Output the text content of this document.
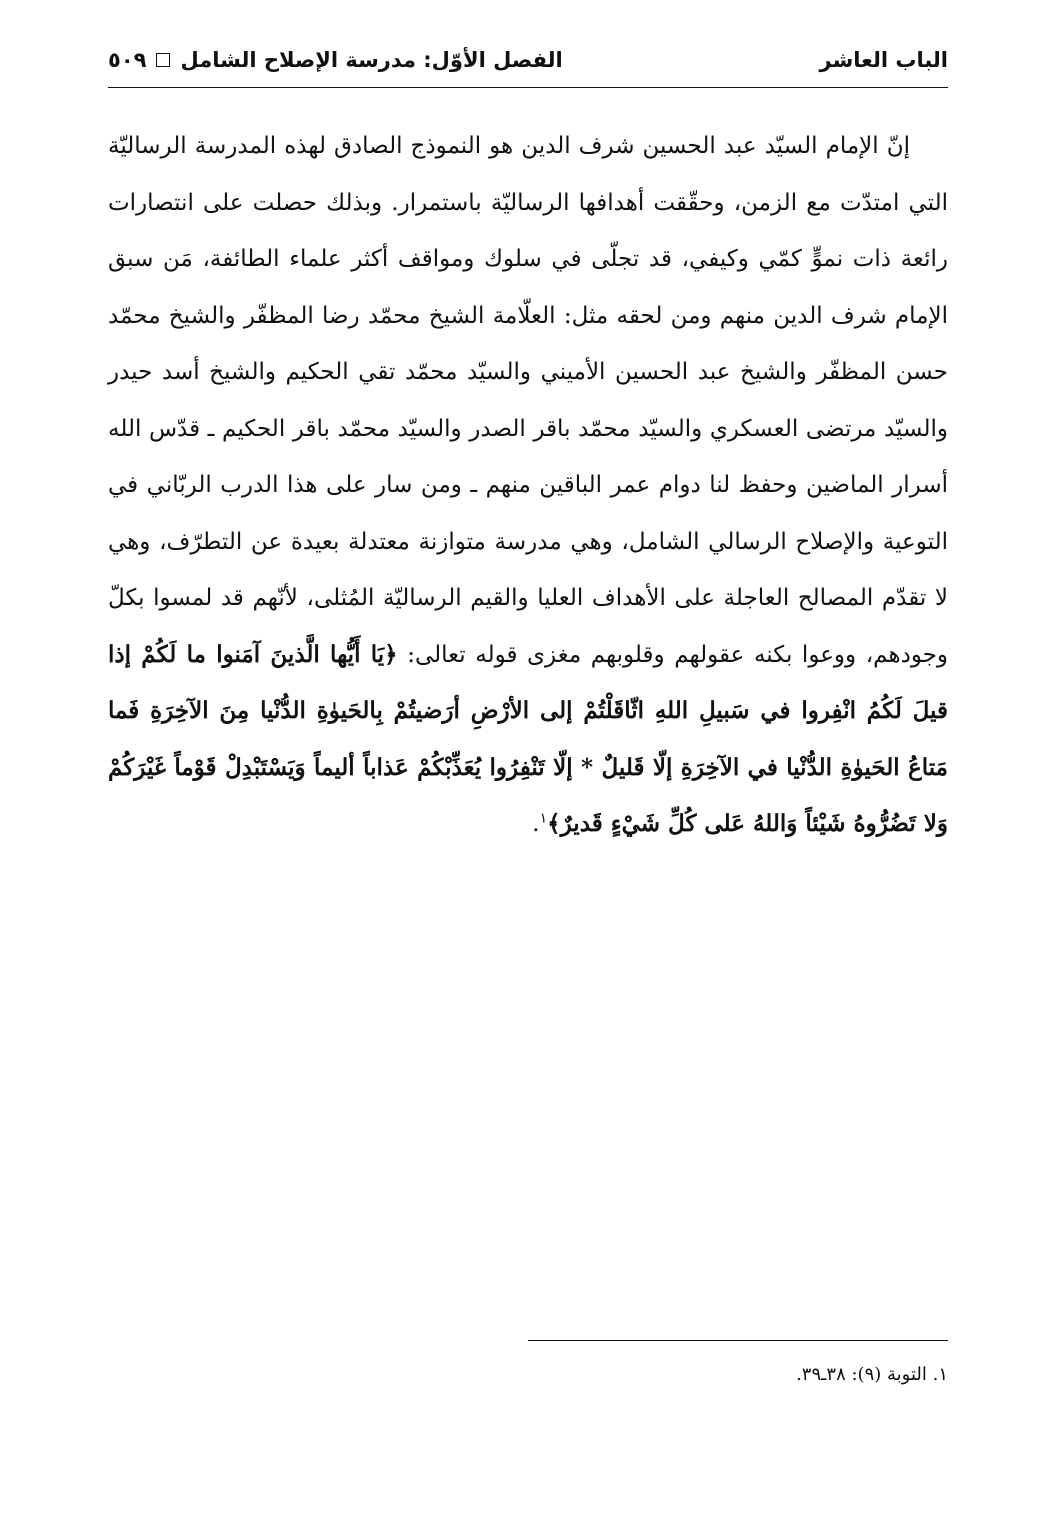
الباب العاشر
الفصل الأوّل: مدرسة الإصلاح الشامل
٥٠٩

إنّ الإمام السيّد عبد الحسين شرف الدين هو النموذج الصادق لهذه المدرسة الرساليّة التي امتدّت مع الزمن، وحقّقت أهدافها الرساليّة باستمرار. وبذلك حصلت على انتصارات رائعة ذات نموٍّ كمّي وكيفي، قد تجلّى في سلوك ومواقف أكثر علماء الطائفة، مَن سبق الإمام شرف الدين منهم ومن لحقه مثل: العلّامة الشيخ محمّد رضا المظفّر والشيخ محمّد حسن المظفّر والشيخ عبد الحسين الأميني والسيّد محمّد تقي الحكيم والشيخ أسد حيدر والسيّد مرتضى العسكري والسيّد محمّد باقر الصدر والسيّد محمّد باقر الحكيم ـ قدّس الله أسرار الماضين وحفظ لنا دوام عمر الباقين منهم ـ ومن سار على هذا الدرب الربّاني في التوعية والإصلاح الرسالي الشامل، وهي مدرسة متوازنة معتدلة بعيدة عن التطرّف، وهي لا تقدّم المصالح العاجلة على الأهداف العليا والقيم الرساليّة المُثلى، لأنّهم قد لمسوا بكلّ وجودهم، ووعوا بكنه عقولهم وقلوبهم مغزى قوله تعالى: ﴿يَا أَيُّها الَّذينَ آمَنوا ما لَكُمْ إذا قيلَ لَكُمُ انْفِروا في سَبيلِ اللهِ اثّاقَلْتُمْ إلى الأرْضِ أرَضيتُمْ بِالحَيوٰةِ الدُّنْيا مِنَ الآخِرَةِ فَما مَتاعُ الحَيوٰةِ الدُّنْيا في الآخِرَةِ إلّا قَليلٌ * إلّا تَنْفِرُوا يُعَذِّبْكُمْ عَذاباً أليماً وَيَسْتَبْدِلْ قَوْماً غَيْرَكُمْ وَلا تَضُرُّوهُ شَيْئاً وَاللهُ عَلى كُلِّ شَيْءٍ قَديرٌ﴾$^١$.

١. التوبة (٩): ٣٨ـ٣٩.
